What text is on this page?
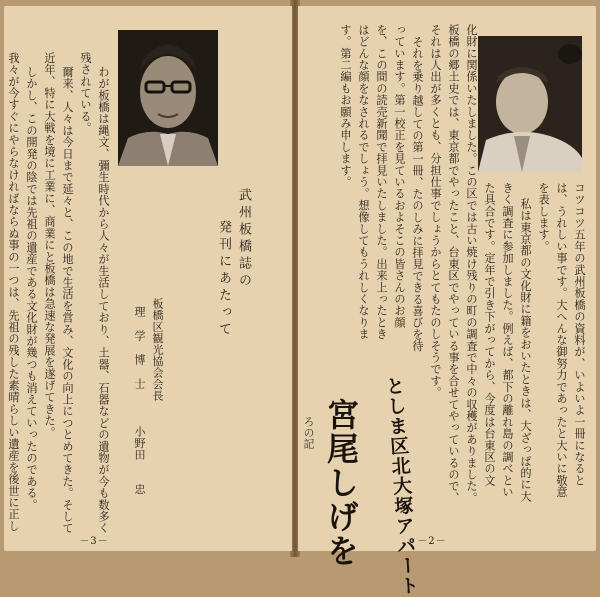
武州板橋誌の
発刊にあたって
板橋区観光協会会長
理　学　博　士
小野田　　忠
わが板橋は縄文、彌生時代から人々が生活しており、土器、石器などの遺物が今も数多く
残されている。
爾来、人々は今日まで延々と、この地で生活を営み、文化の向上につとめてきた。そして
近年、特に大戦を境に工業に、商業にと板橋は急速な発展を遂げてきた。
しかし、この開発の陰では先祖の遺産である文化財が幾つも消えていったのである。
我々が今すぐにやらなければならぬ事の一つは、先祖の残した素晴らしい遺産を後世に正し
－3－
コツコツ五年の武州板橋の資料が、いよいよ一冊になると
は、うれしい事です。大へんな御努力であったと大いに敬意
を表します。
私は東京都の文化財に籍をおいたときは、大ざっぱ的に大
きく調査に参加しました。例えば、都下の離れ島の調べとい
た具合です。定年で引き下がってから、今度は台東区の文
化財に関係いたしました。この区では古い焼け残りの町の調査で中々の収穫がありました。
板橋の郷土史では、東京都でやったこと、台東区でやっている事を合せてやっているので、
それは人出が多くとも、分担仕事でしょうからとてもたのしそうです。
それを乗り越しての第一冊、たのしみに拝見できる喜びを待
っています。第一校正を見ているおよそこの皆さんのお顔
を、この間の読売新聞で拝見いたしました。出来上ったとき
はどんな顔をなされるでしょう。想像してもうれしくなりま
す。第二編もお願み申します。
としま区北大塚アパート
宮尾しげを
ろの記
－2－
